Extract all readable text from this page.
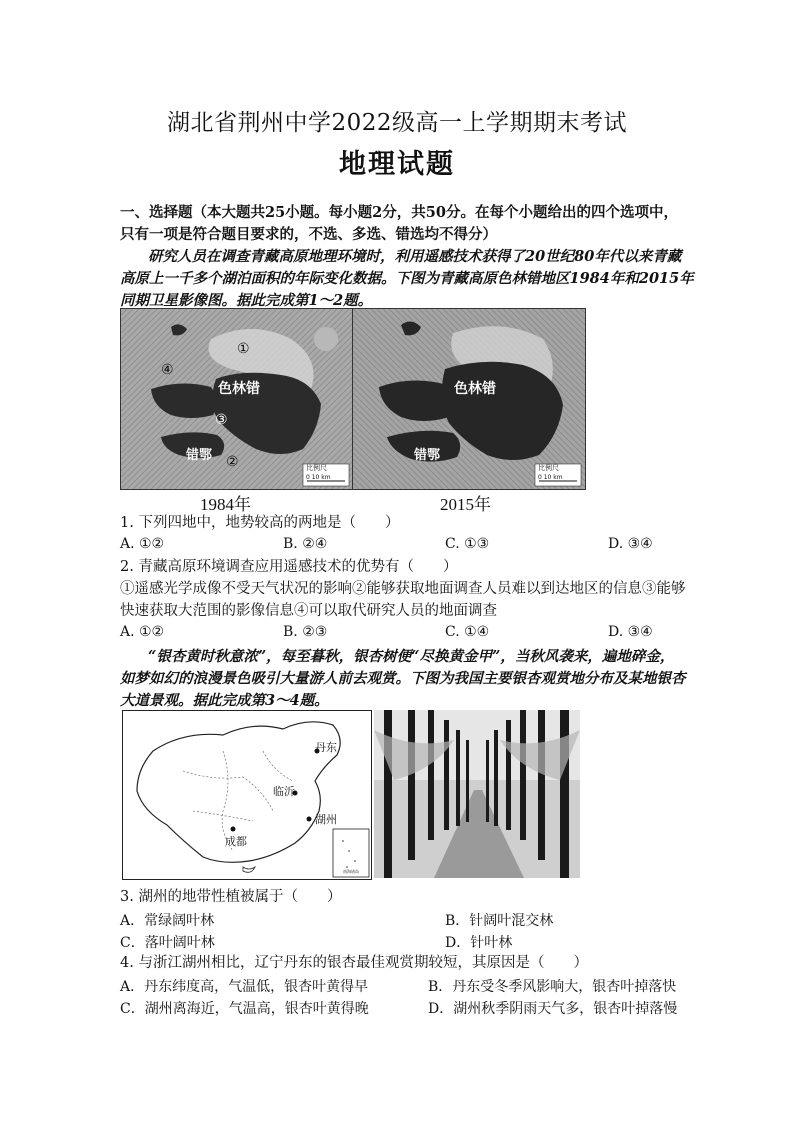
湖北省荆州中学2022级高一上学期期末考试
地理试题
一、选择题（本大题共25小题。每小题2分，共50分。在每个小题给出的四个选项中，
只有一项是符合题目要求的，不选、多选、错选均不得分）
研究人员在调查青藏高原地理环境时，利用遥感技术获得了20世纪80年代以来青藏
高原上一千多个湖泊面积的年际变化数据。下图为青藏高原色林错地区1984年和2015年
同期卫星影像图。据此完成第1～2题。
①
④
③
②
色林错
错鄂
比例尺
0 10 km
1984年
色林错
错鄂
比例尺
0 10 km
2015年
1. 下列四地中，地势较高的两地是（　　）
A. ①②	B. ②④	C. ①③	D. ③④
2. 青藏高原环境调查应用遥感技术的优势有（　　）
①遥感光学成像不受天气状况的影响②能够获取地面调查人员难以到达地区的信息③能够
快速获取大范围的影像信息④可以取代研究人员的地面调查
A. ①②	B. ②③	C. ①④	D. ③④
“银杏黄时秋意浓”，每至暮秋，银杏树便“尽换黄金甲”，当秋风袭来，遍地碎金，
如梦如幻的浪漫景色吸引大量游人前去观赏。下图为我国主要银杏观赏地分布及某地银杏
大道景观。据此完成第3～4题。
丹东
临沂
成都
湖州
南海诸岛
3. 湖州的地带性植被属于（　　）
A．常绿阔叶林	B．针阔叶混交林
C．落叶阔叶林	D．针叶林
4. 与浙江湖州相比，辽宁丹东的银杏最佳观赏期较短，其原因是（　　）
A．丹东纬度高，气温低，银杏叶黄得早	B．丹东受冬季风影响大，银杏叶掉落快
C．湖州离海近，气温高，银杏叶黄得晚	D．湖州秋季阴雨天气多，银杏叶掉落慢
